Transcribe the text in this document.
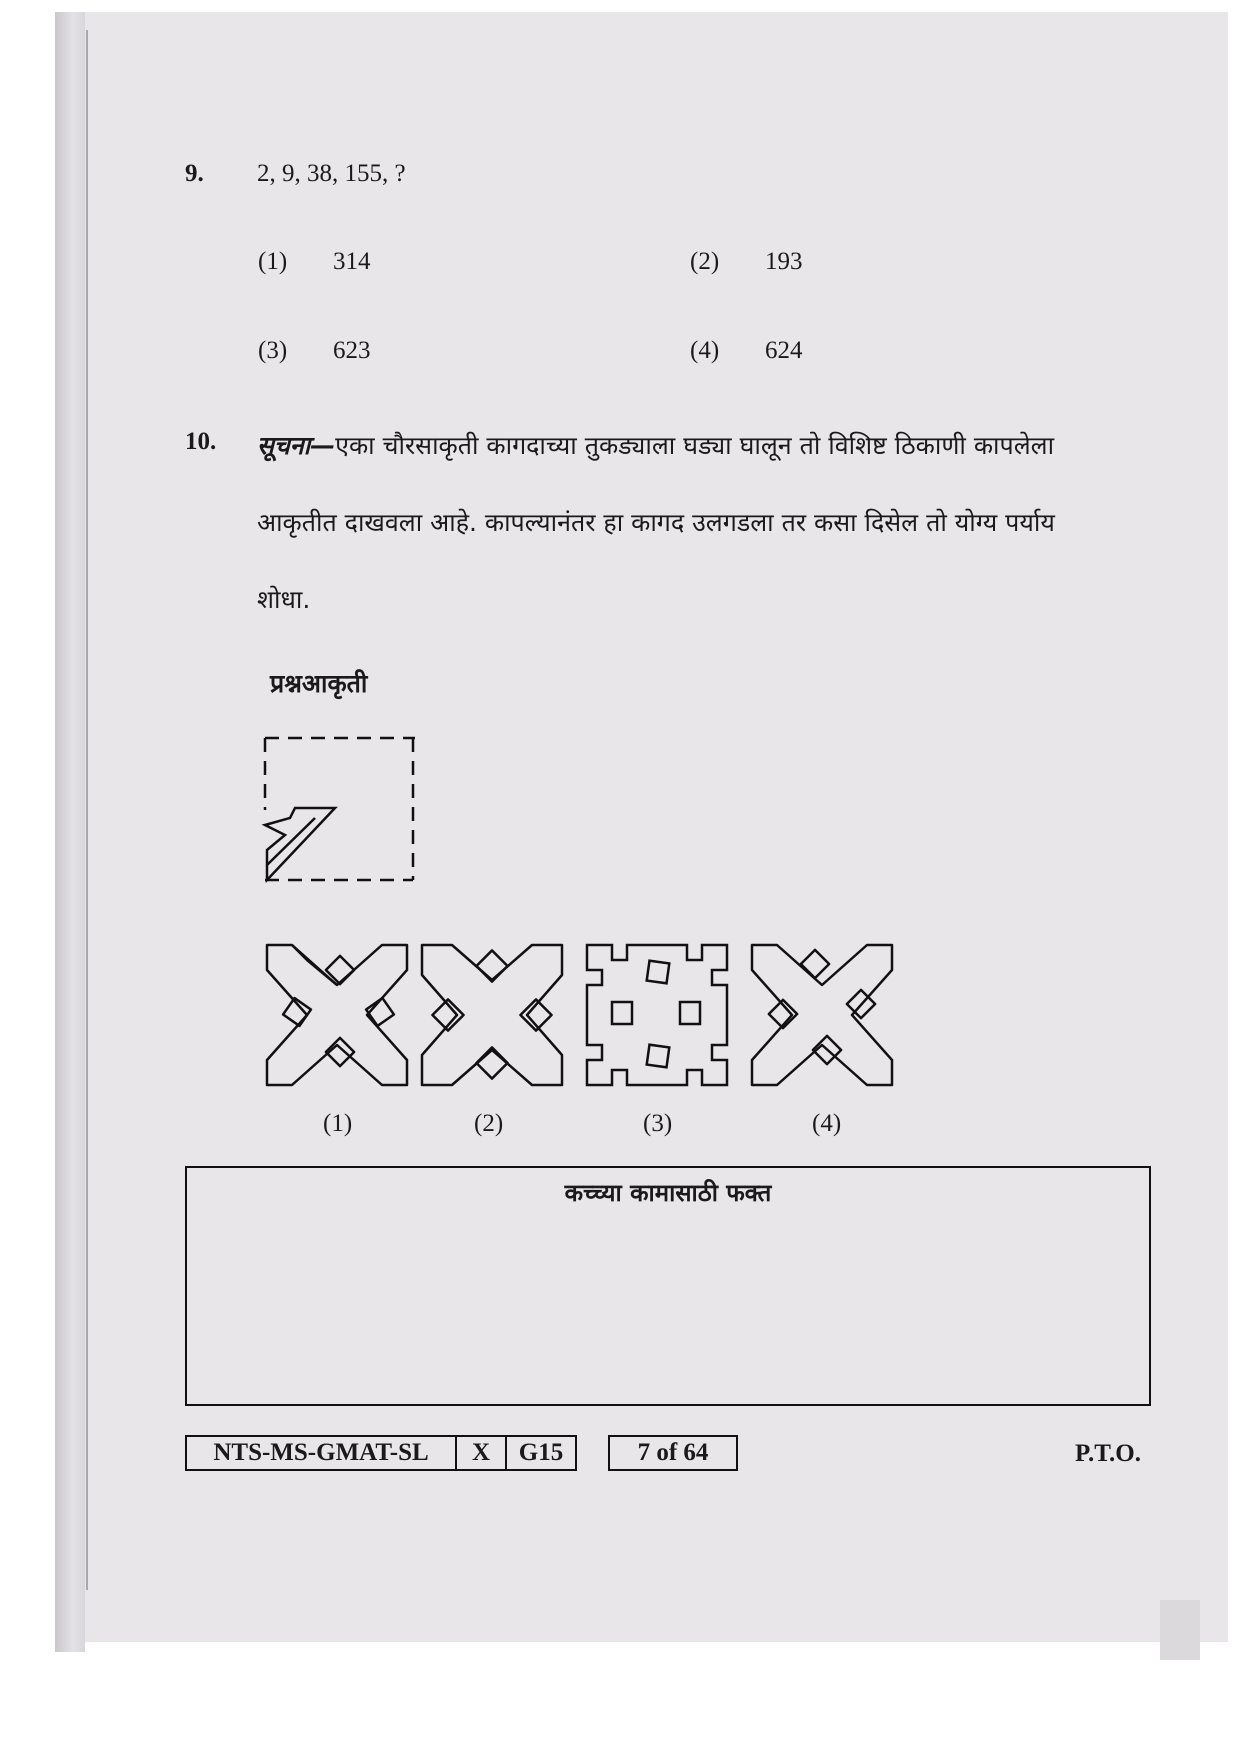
9. 2, 9, 38, 155, ?
(1) 314	(2) 193
(3) 623	(4) 624
10. सूचना—एका चौरसाकृती कागदाच्या तुकड्याला घड्या घालून तो विशिष्ट ठिकाणी कापलेला
आकृतीत दाखवला आहे. कापल्यानंतर हा कागद उलगडला तर कसा दिसेल तो योग्य पर्याय
शोधा.
प्रश्नआकृती
(1)	(2)	(3)	(4)
कच्च्या कामासाठी फक्त
NTS-MS-GMAT-SL	X	G15	7 of 64	P.T.O.
